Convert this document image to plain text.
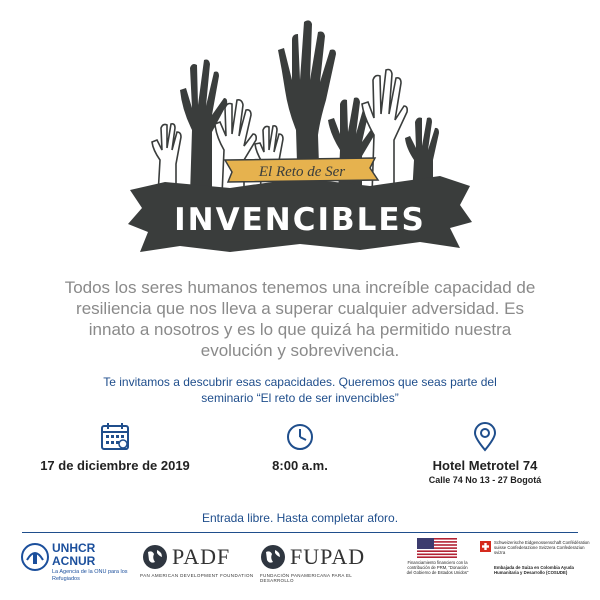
El Reto de Ser
INVENCIBLES
Todos los seres humanos tenemos una increíble capacidad de resiliencia que nos lleva a superar cualquier adversidad. Es innato a nosotros y es lo que quizá ha permitido nuestra evolución y sobrevivencia.
Te invitamos a descubrir esas capacidades. Queremos que seas parte del
seminario “El reto de ser invencibles”
17 de diciembre de 2019	8:00 a.m.	Hotel Metrotel 74
Calle 74 No 13 - 27 Bogotá
Entrada libre. Hasta completar aforo.
UNHCR
ACNUR
La Agencia de la ONU para los Refugiados
PADF
PAN AMERICAN DEVELOPMENT FOUNDATION
FUPAD
FUNDACIÓN PANAMERICANA PARA EL DESARROLLO
Financiamiento financiero con la contribución de PRM, “Donación del Gobierno de Estados Unidos”
Schweizerische Eidgenossenschaft Confédération suisse Confederazione Svizzera Confederaziun svizra
Embajada de Suiza en Colombia Ayuda Humanitaria y Desarrollo (COSUDE)
